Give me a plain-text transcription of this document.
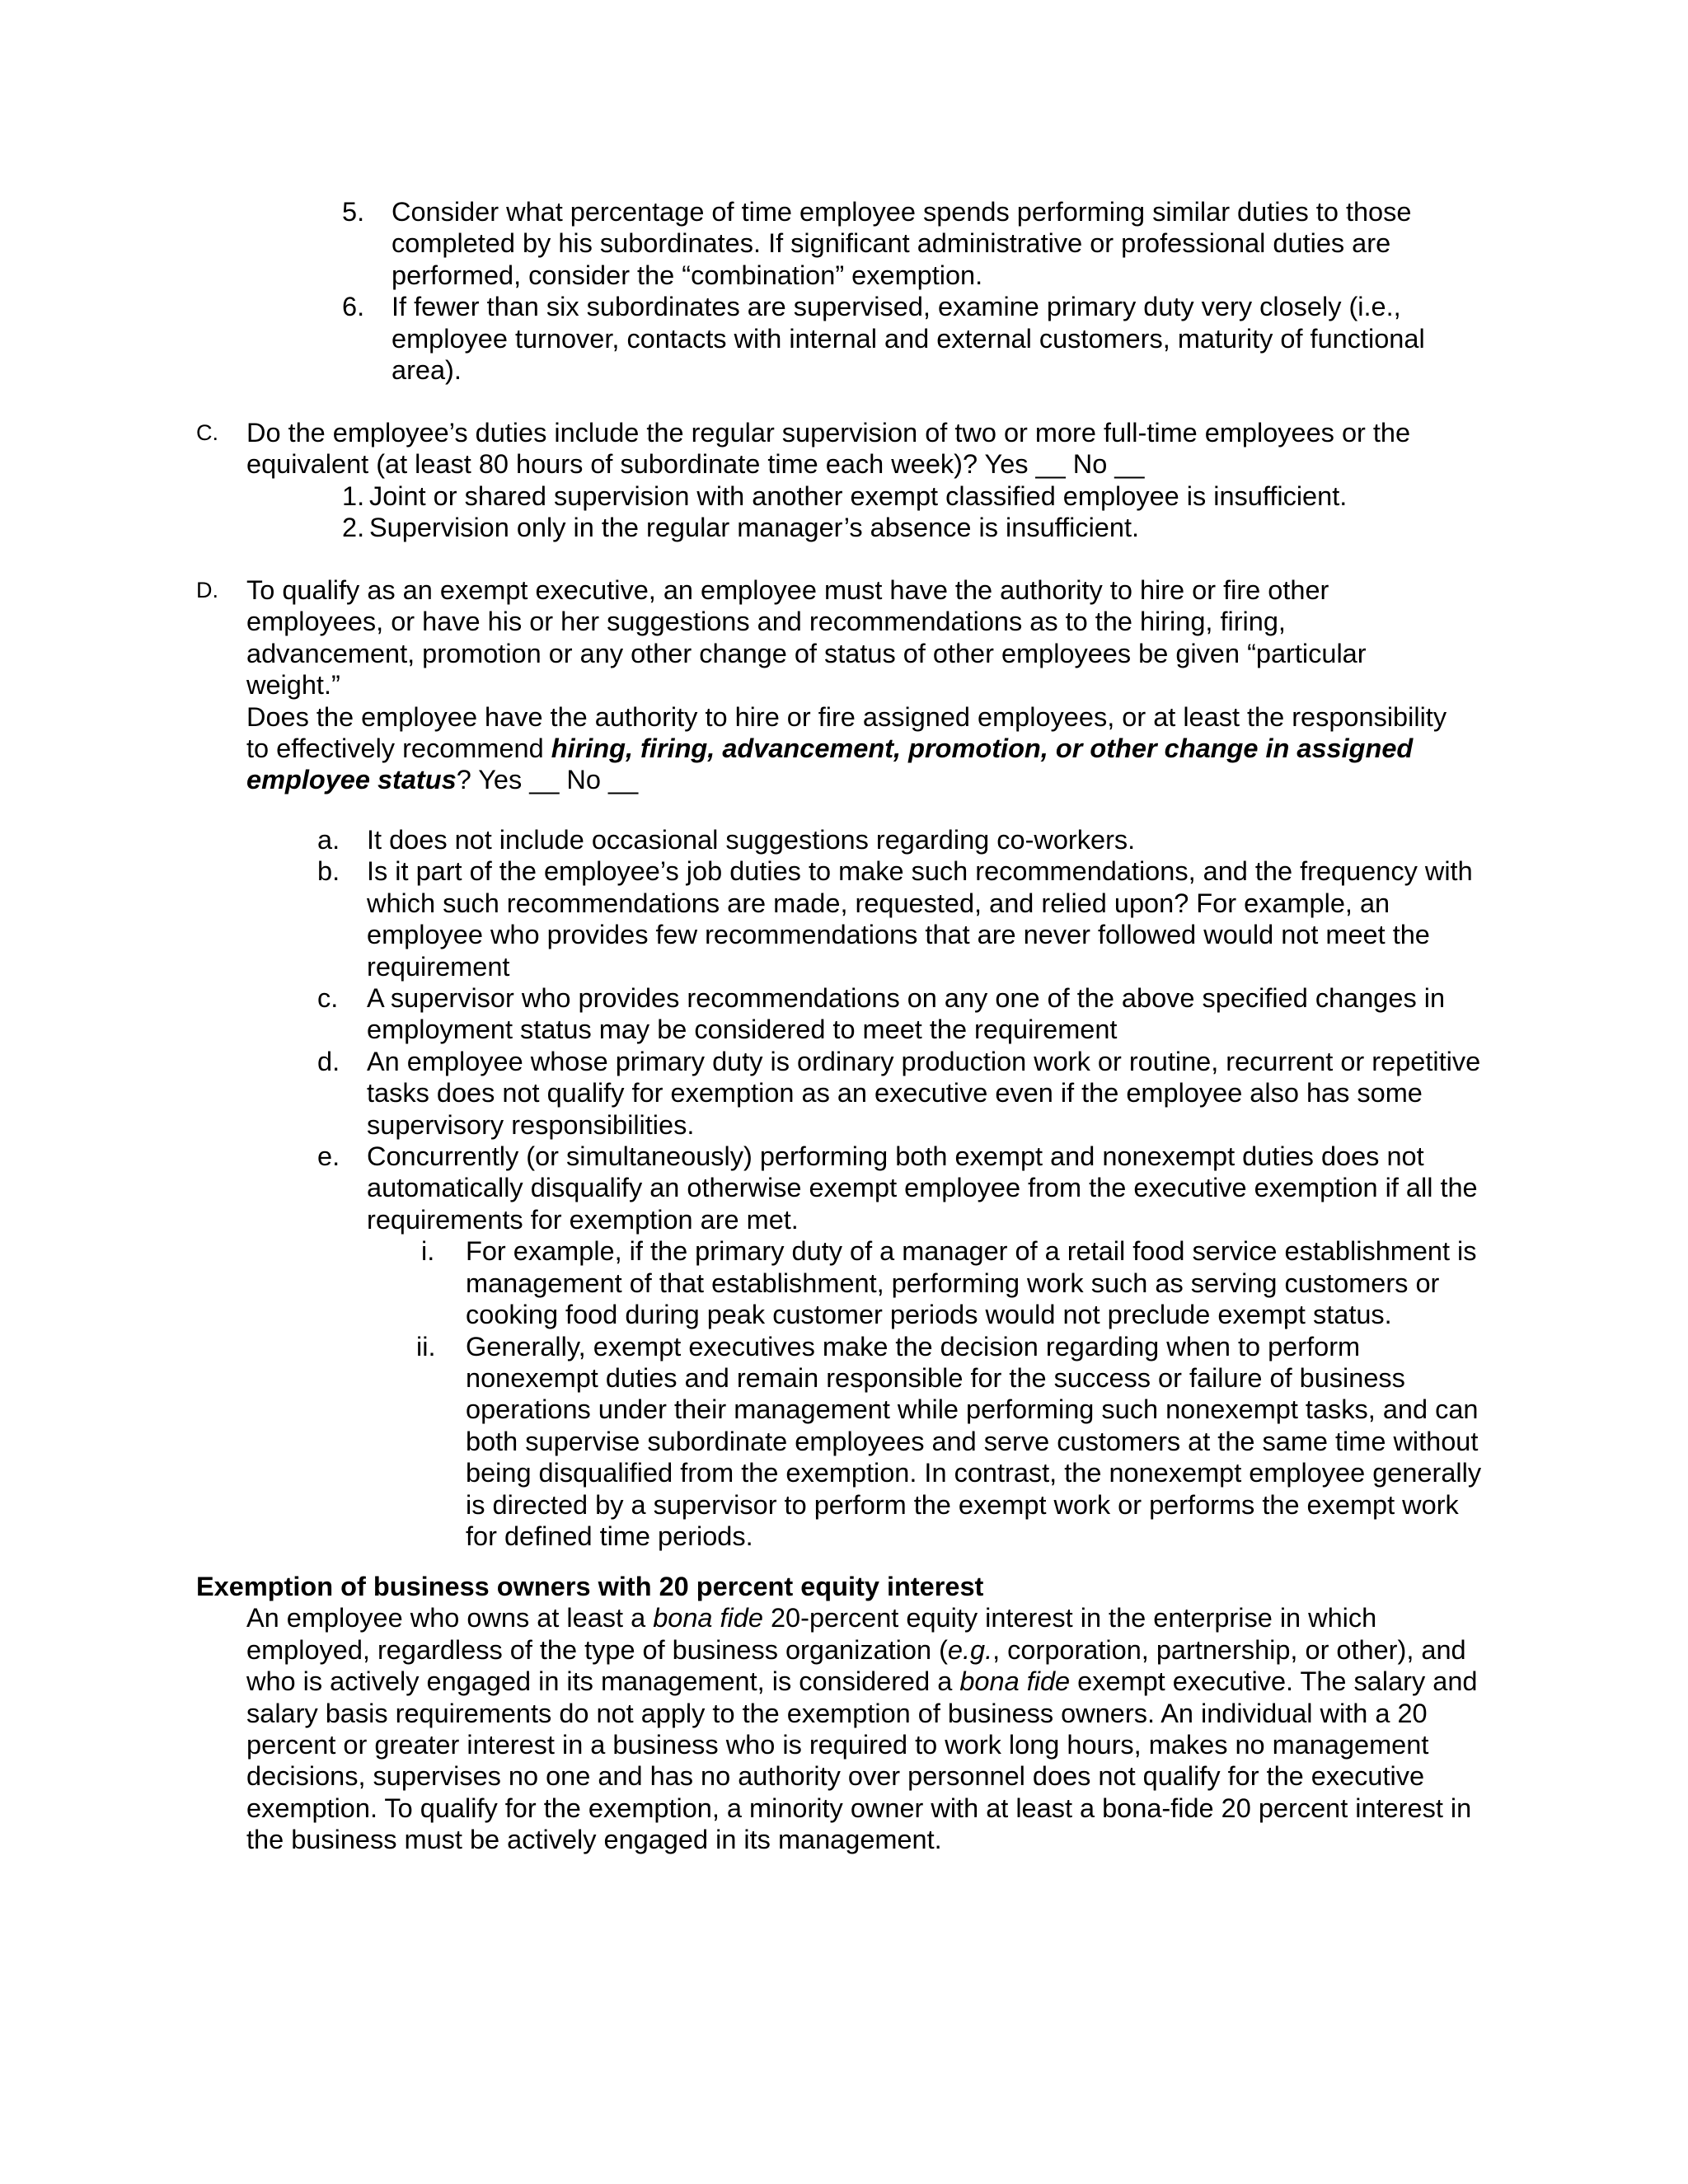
5. Consider what percentage of time employee spends performing similar duties to those completed by his subordinates. If significant administrative or professional duties are performed, consider the “combination” exemption.

6. If fewer than six subordinates are supervised, examine primary duty very closely (i.e., employee turnover, contacts with internal and external customers, maturity of functional area).

C. Do the employee’s duties include the regular supervision of two or more full-time employees or the equivalent (at least 80 hours of subordinate time each week)? Yes __ No __

1. Joint or shared supervision with another exempt classified employee is insufficient.

2. Supervision only in the regular manager’s absence is insufficient.

D. To qualify as an exempt executive, an employee must have the authority to hire or fire other employees, or have his or her suggestions and recommendations as to the hiring, firing, advancement, promotion or any other change of status of other employees be given “particular weight.”

Does the employee have the authority to hire or fire assigned employees, or at least the responsibility to effectively recommend hiring, firing, advancement, promotion, or other change in assigned employee status? Yes __ No __

a. It does not include occasional suggestions regarding co-workers.

b. Is it part of the employee’s job duties to make such recommendations, and the frequency with which such recommendations are made, requested, and relied upon? For example, an employee who provides few recommendations that are never followed would not meet the requirement

c. A supervisor who provides recommendations on any one of the above specified changes in employment status may be considered to meet the requirement

d. An employee whose primary duty is ordinary production work or routine, recurrent or repetitive tasks does not qualify for exemption as an executive even if the employee also has some supervisory responsibilities.

e. Concurrently (or simultaneously) performing both exempt and nonexempt duties does not automatically disqualify an otherwise exempt employee from the executive exemption if all the requirements for exemption are met.

i. For example, if the primary duty of a manager of a retail food service establishment is management of that establishment, performing work such as serving customers or cooking food during peak customer periods would not preclude exempt status.

ii. Generally, exempt executives make the decision regarding when to perform nonexempt duties and remain responsible for the success or failure of business operations under their management while performing such nonexempt tasks, and can both supervise subordinate employees and serve customers at the same time without being disqualified from the exemption. In contrast, the nonexempt employee generally is directed by a supervisor to perform the exempt work or performs the exempt work for defined time periods.

Exemption of business owners with 20 percent equity interest

An employee who owns at least a bona fide 20-percent equity interest in the enterprise in which employed, regardless of the type of business organization (e.g., corporation, partnership, or other), and who is actively engaged in its management, is considered a bona fide exempt executive. The salary and salary basis requirements do not apply to the exemption of business owners. An individual with a 20 percent or greater interest in a business who is required to work long hours, makes no management decisions, supervises no one and has no authority over personnel does not qualify for the executive exemption. To qualify for the exemption, a minority owner with at least a bona-fide 20 percent interest in the business must be actively engaged in its management.
